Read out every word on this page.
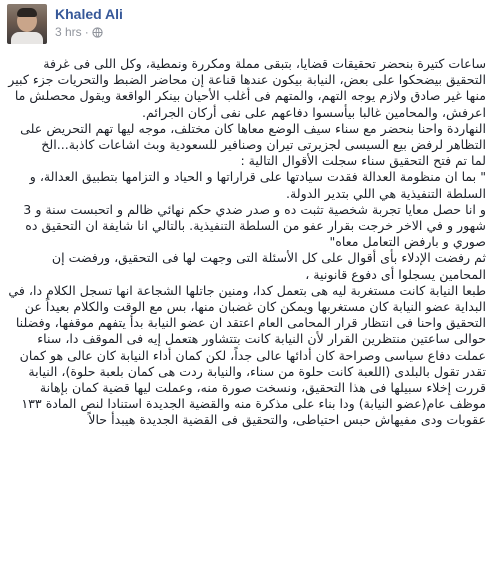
Khaled Ali
3 hrs ·

ساعات كتيرة بنحضر تحقيقات قضايا، بتبقى مملة ومكررة ونمطية، وكل اللى فى غرفة التحقيق بيضحكوا على بعض، النيابة بيكون عندها قناعة إن محاضر الضبط والتحريات جزء كبير منها غير صادق ولازم يوجه التهم، والمتهم فى أغلب الأحيان بينكر الواقعة ويقول محصلش ما اعرفش، والمحامين غالبا بيأسسوا دفاعهم على نفى أركان الجرائم.

النهاردة واحنا بنحضر مع سناء سيف الوضع معاها كان مختلف، موجه ليها تهم التحريض على التظاهر لرفض بيع السيسى لجزيرتى تيران وصنافير للسعودية وبث اشاعات كاذبة...الخ

لما تم فتح التحقيق سناء سجلت الأقوال التالية :

" بما ان منظومة العدالة فقدت سيادتها على قراراتها و الحياد و التزامها بتطبيق العدالة، و السلطة التنفيذية هي اللي بتدير الدولة.

و انا حصل معايا تجربة شخصية تثبت ده و صدر ضدي حكم نهائي ظالم و اتحبست سنة و 3 شهور و في الاخر خرجت بقرار عفو من السلطة التنفيذية. بالتالي انا شايفة ان التحقيق ده صوري و بارفض التعامل معاه"

ثم رفضت الإدلاء بأى أقوال على كل الأسئلة التى وجهت لها فى التحقيق، ورفضت إن المحامين يسجلوا أى دفوع قانونية ،

طبعا النيابة كانت مستغربة ليه هى بتعمل كدا، ومنين جاتلها الشجاعة انها تسجل الكلام دا، في البداية عضو النيابة كان مستغربها ويمكن كان غضبان منها، بس مع الوقت والكلام بعيداً عن التحقيق واحنا فى انتظار قرار المحامى العام اعتقد ان عضو النيابة بدأ يتفهم موقفها، وفضلنا حوالى ساعتين منتظرين القرار لأن النيابة كانت بتتشاور هتعمل إيه فى الموقف دا، سناء عملت دفاع سياسى وصراحة كان أدائها عالى جداً، لكن كمان أداء النيابة كان عالى هو كمان تقدر تقول بالبلدى (اللعبة كانت حلوة من سناء، والنيابة ردت هى كمان بلعبة حلوة)، النيابة قررت إخلاء سبيلها فى هذا التحقيق، ونسخت صورة منه، وعملت ليها قضية كمان بإهانة موظف عام(عضو النيابة) ودا بناء على مذكرة منه والقضية الجديدة استنادا لنص المادة ١٣٣ عقوبات ودى مفيهاش حبس احتياطى، والتحقيق فى القضية الجديدة هيبدأ حالاً
